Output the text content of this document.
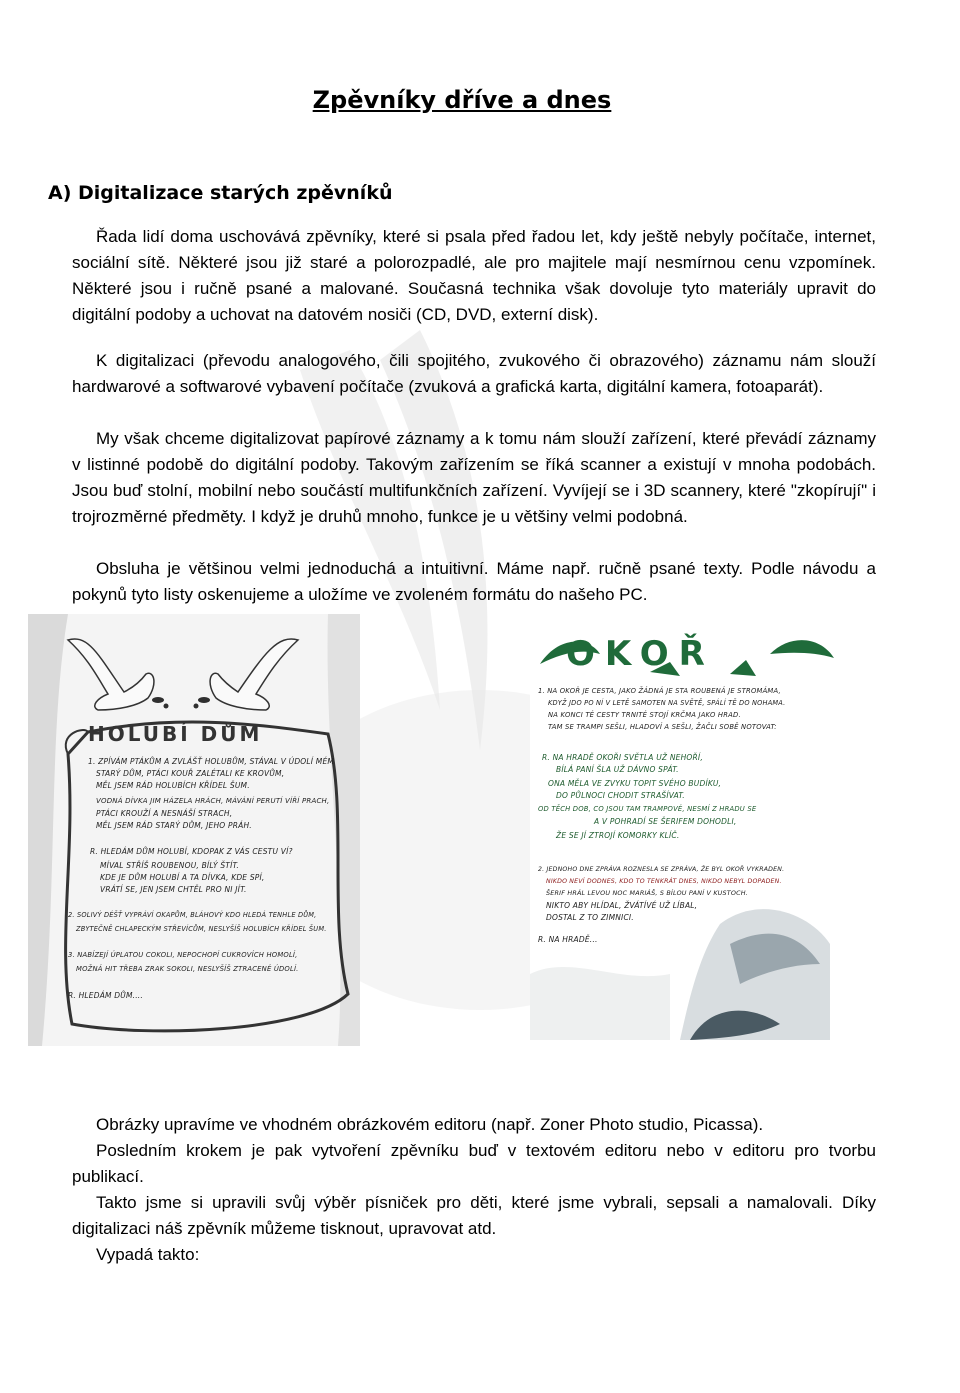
Zpěvníky dříve a dnes
A) Digitalizace starých zpěvníků

Řada lidí doma uschovává zpěvníky, které si psala před řadou let, kdy ještě nebyly počítače, internet, sociální sítě. Některé jsou již staré a polorozpadlé, ale pro majitele mají nesmírnou cenu vzpomínek. Některé jsou i ručně psané a malované. Současná technika však dovoluje tyto materiály upravit do digitální podoby a uchovat na datovém nosiči (CD, DVD, externí disk).

K digitalizaci (převodu analogového, čili spojitého, zvukového či obrazového) záznamu nám slouží hardwarové a softwarové vybavení počítače (zvuková a grafická karta, digitální kamera, fotoaparát).

My však chceme digitalizovat papírové záznamy a k tomu nám slouží zařízení, které převádí záznamy v listinné podobě do digitální podoby. Takovým zařízením se říká scanner a existují v mnoha podobách. Jsou buď stolní, mobilní nebo součástí multifunkčních zařízení. Vyvíjejí se i 3D scannery, které "zkopírují" i trojrozměrné předměty. I když je druhů mnoho, funkce je u většiny velmi podobná.

Obsluha je většinou velmi jednoduchá a intuitivní. Máme např. ručně psané texty. Podle návodu a pokynů tyto listy oskenujeme a uložíme ve zvoleném formátu do našeho PC.

HOLUBÍ DŮM
1. ZPÍVÁM PTÁKŮM A ZVLÁŠŤ HOLUBŮM, STÁVAL V ÚDOLÍ MÉM
STARÝ DŮM, PTÁCI KOUŘ ZALÉTALI KE KROVŮM,
MĚL JSEM RÁD HOLUBÍCH KŘÍDEL ŠUM.
VODNÁ DÍVKA JIM HÁZELA HRÁCH, MÁVÁNÍ PERUTÍ VÍŘÍ PRACH,
PTÁCI KROUŽÍ A NESNÁŠÍ STRACH,
MĚL JSEM RÁD STARÝ DŮM, JEHO PRÁH.
R. HLEDÁM DŮM HOLUBÍ, KDOPAK Z VÁS CESTU VÍ?
MÍVAL STŘÍŠ ROUBENOU, BÍLÝ ŠTÍT.
KDE JE DŮM HOLUBÍ A TA DÍVKA, KDE SPÍ,
VRÁTÍ SE, JEN JSEM CHTĚL PRO NI JÍT.
2. SOLIVÝ DÉŠŤ VYPRÁVÍ OKAPŮM, BLÁHOVÝ KDO HLEDÁ TENHLE DŮM,
ZBYTEČNĚ CHLAPECKÝM STŘEVÍCŮM, NESLYŠÍŠ HOLUBÍCH KŘÍDEL ŠUM.
3. NABÍZEJÍ ÚPLATOU COKOLI, NEPOCHOPÍ CUKROVÍCH HOMOLÍ,
MOŽNÁ HIT TŘEBA ZRAK SOKOLI, NESLYŠÍŠ ZTRACENÉ ÚDOLÍ.
R. HLEDÁM DŮM....
OKOŘ
1. NA OKOŘ JE CESTA, JAKO ŽÁDNÁ JE STA ROUBENÁ JE STROMÁMA,
KDYŽ JDO PO NÍ V LETĚ SAMOTEN NA SVĚTĚ, SPÁLÍ TĚ DO NOHAMA.
NA KONCI TÉ CESTY TRNITÉ STOJÍ KRČMA JAKO HRAD.
TAM SE TRAMPI SEŠLI, HLADOVÍ A SEŠLI, ŽAČLI SOBĚ NOTOVAT:
R. NA HRADĚ OKOŘI SVĚTLA UŽ NEHOŘÍ,
BÍLÁ PANÍ ŠLA UŽ DÁVNO SPÁT.
ONA MĚLA VE ZVYKU TOPIT SVÉHO BUDÍKU,
DO PŮLNOCI CHODIT STRAŠÍVAT.
OD TĚCH DOB, CO JSOU TAM TRAMPOVÉ, NESMÍ Z HRADU SE
A V POHRADÍ SE ŠERIFEM DOHODLI,
ŽE SE JÍ ZTROJÍ KOMORKY KLÍČ.
2. JEDNOHO DNE ZPRÁVA ROZNESLA SE ZPRÁVA, ŽE BYL OKOŘ VYKRADEN.
NIKDO NEVÍ DODNES, KDO TO TENKRÁT DNES, NIKDO NEBYL DOPADEN.
ŠERIF HRÁL LEVOU NOC MARIÁŠ, S BÍLOU PANÍ V KUSTOCH.
NIKTO ABY HLÍDAL, ŽVÁTÍVÉ UŽ LÍBAL,
DOSTAL Z TO ZIMNICI.
R. NA HRADĚ...

Obrázky upravíme ve vhodném obrázkovém editoru (např. Zoner Photo studio, Picassa).

Posledním krokem je pak vytvoření zpěvníku buď v textovém editoru nebo v editoru pro tvorbu publikací.

Takto jsme si upravili svůj výběr písniček pro děti, které jsme vybrali, sepsali a namalovali. Díky digitalizaci náš zpěvník můžeme tisknout, upravovat atd.

Vypadá takto:
